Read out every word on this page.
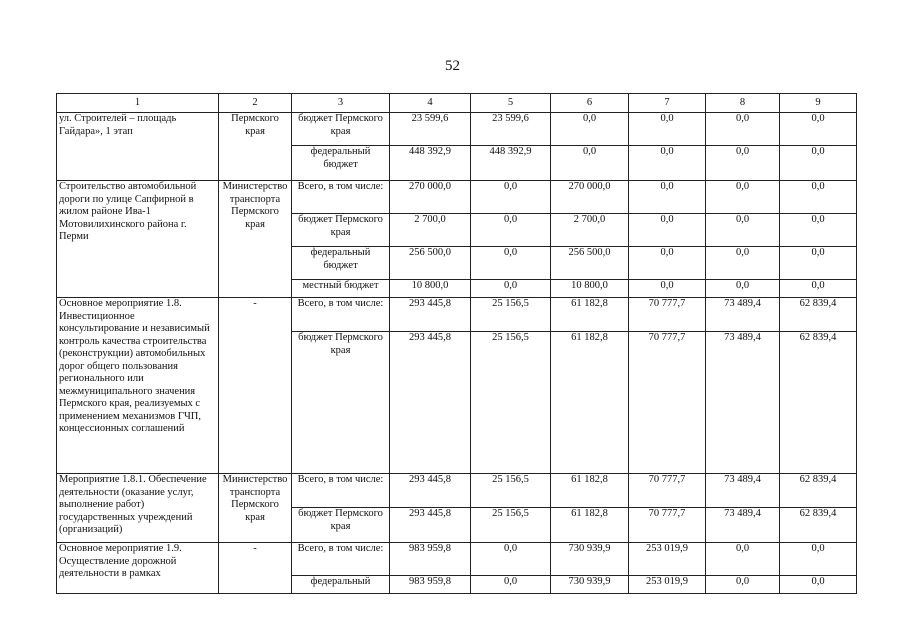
52
1	2	3	4	5	6	7	8	9
ул. Строителей – площадь Гайдара», 1 этап	Пермского края	бюджет Пермского края	23 599,6	23 599,6	0,0	0,0	0,0	0,0
		федеральный бюджет	448 392,9	448 392,9	0,0	0,0	0,0	0,0
Строительство автомобильной дороги по улице Сапфирной в жилом районе Ива-1 Мотовилихинского района г. Перми	Министерство транспорта Пермского края	Всего, в том числе:	270 000,0	0,0	270 000,0	0,0	0,0	0,0
		бюджет Пермского края	2 700,0	0,0	2 700,0	0,0	0,0	0,0
		федеральный бюджет	256 500,0	0,0	256 500,0	0,0	0,0	0,0
		местный бюджет	10 800,0	0,0	10 800,0	0,0	0,0	0,0
Основное мероприятие 1.8. Инвестиционное консультирование и независимый контроль качества строительства (реконструкции) автомобильных дорог общего пользования регионального или межмуниципального значения Пермского края, реализуемых с применением механизмов ГЧП, концессионных соглашений	-	Всего, в том числе:	293 445,8	25 156,5	61 182,8	70 777,7	73 489,4	62 839,4
		бюджет Пермского края	293 445,8	25 156,5	61 182,8	70 777,7	73 489,4	62 839,4
Мероприятие 1.8.1. Обеспечение деятельности (оказание услуг, выполнение работ) государственных учреждений (организаций)	Министерство транспорта Пермского края	Всего, в том числе:	293 445,8	25 156,5	61 182,8	70 777,7	73 489,4	62 839,4
		бюджет Пермского края	293 445,8	25 156,5	61 182,8	70 777,7	73 489,4	62 839,4
Основное мероприятие 1.9. Осуществление дорожной деятельности в рамках	-	Всего, в том числе:	983 959,8	0,0	730 939,9	253 019,9	0,0	0,0
		федеральный	983 959,8	0,0	730 939,9	253 019,9	0,0	0,0
